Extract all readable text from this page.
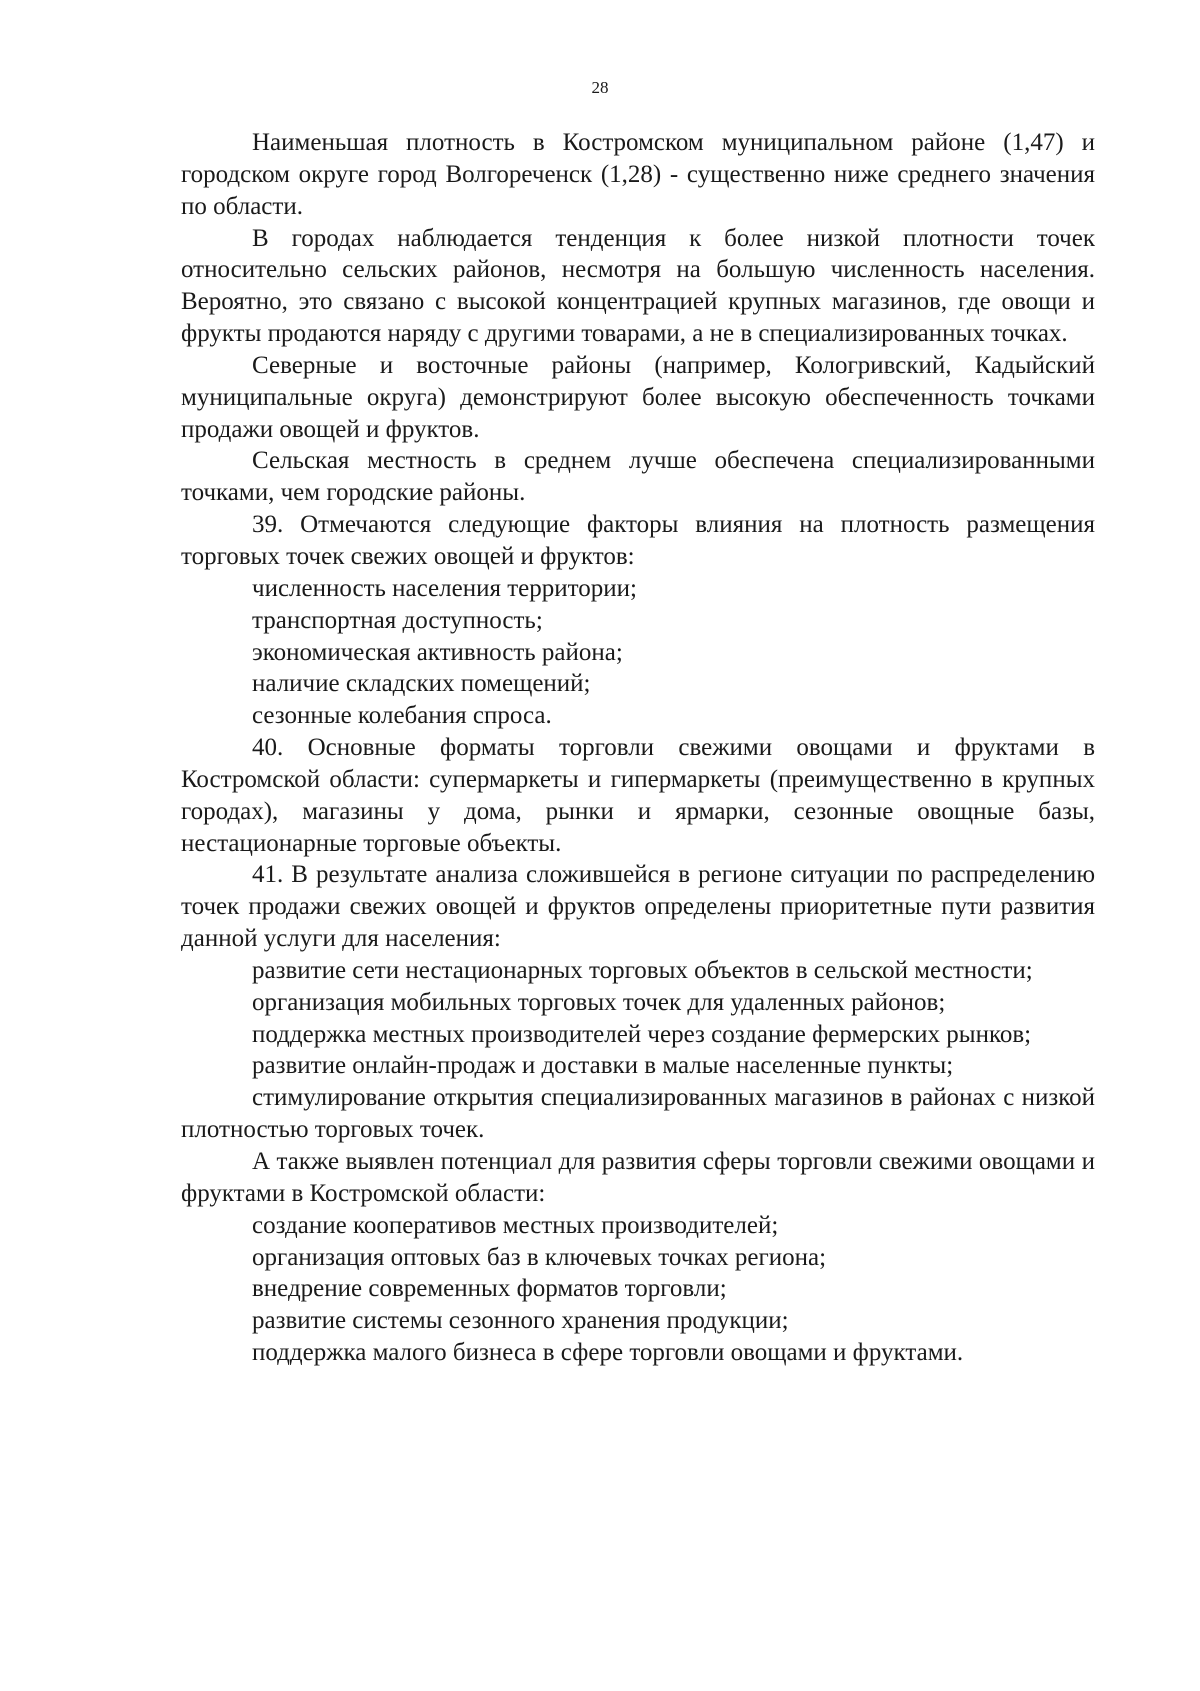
28

Наименьшая плотность в Костромском муниципальном районе (1,47) и городском округе город Волгореченск (1,28) - существенно ниже среднего значения по области.

В городах наблюдается тенденция к более низкой плотности точек относительно сельских районов, несмотря на большую численность населения. Вероятно, это связано с высокой концентрацией крупных магазинов, где овощи и фрукты продаются наряду с другими товарами, а не в специализированных точках.

Северные и восточные районы (например, Кологривский, Кадыйский муниципальные округа) демонстрируют более высокую обеспеченность точками продажи овощей и фруктов.

Сельская местность в среднем лучше обеспечена специализированными точками, чем городские районы.

39. Отмечаются следующие факторы влияния на плотность размещения торговых точек свежих овощей и фруктов:

численность населения территории;

транспортная доступность;

экономическая активность района;

наличие складских помещений;

сезонные колебания спроса.

40. Основные форматы торговли свежими овощами и фруктами в Костромской области: супермаркеты и гипермаркеты (преимущественно в крупных городах), магазины у дома, рынки и ярмарки, сезонные овощные базы, нестационарные торговые объекты.

41. В результате анализа сложившейся в регионе ситуации по распределению точек продажи свежих овощей и фруктов определены приоритетные пути развития данной услуги для населения:

развитие сети нестационарных торговых объектов в сельской местности;

организация мобильных торговых точек для удаленных районов;

поддержка местных производителей через создание фермерских рынков;

развитие онлайн-продаж и доставки в малые населенные пункты;

стимулирование открытия специализированных магазинов в районах с низкой плотностью торговых точек.

А также выявлен потенциал для развития сферы торговли свежими овощами и фруктами в Костромской области:

создание кооперативов местных производителей;

организация оптовых баз в ключевых точках региона;

внедрение современных форматов торговли;

развитие системы сезонного хранения продукции;

поддержка малого бизнеса в сфере торговли овощами и фруктами.
